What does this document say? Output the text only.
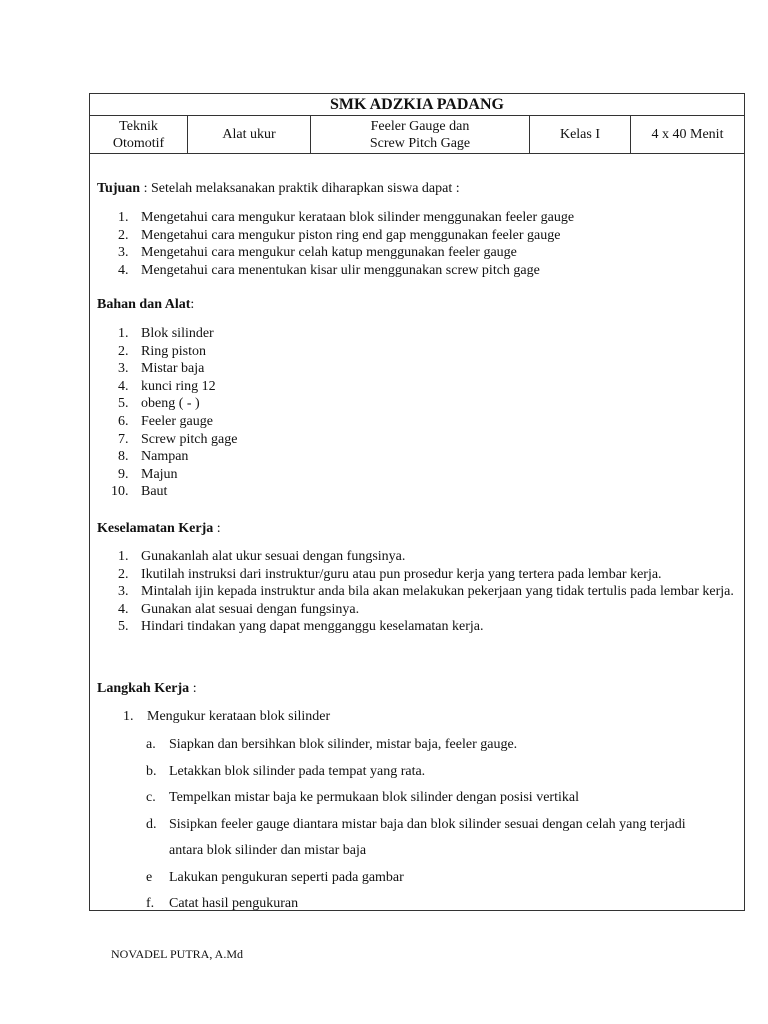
SMK ADZKIA PADANG
Teknik
Otomotif
Alat ukur
Feeler Gauge dan
Screw Pitch Gage
Kelas I	4 x 40 Menit
Tujuan : Setelah melaksanakan praktik diharapkan siswa dapat :
1. Mengetahui cara mengukur kerataan blok silinder menggunakan feeler gauge
2. Mengetahui cara mengukur piston ring end gap menggunakan feeler gauge
3. Mengetahui cara mengukur celah katup menggunakan feeler gauge
4. Mengetahui cara menentukan kisar ulir menggunakan screw pitch gage
Bahan dan Alat:
1. Blok silinder
2. Ring piston
3. Mistar baja
4. kunci ring 12
5. obeng ( - )
6. Feeler gauge
7. Screw pitch gage
8. Nampan
9. Majun
10. Baut
Keselamatan Kerja :
1. Gunakanlah alat ukur sesuai dengan fungsinya.
2. Ikutilah instruksi dari instruktur/guru atau pun prosedur kerja yang tertera pada lembar kerja.
3. Mintalah ijin kepada instruktur anda bila akan melakukan pekerjaan yang tidak tertulis pada lembar kerja.
4. Gunakan alat sesuai dengan fungsinya.
5. Hindari tindakan yang dapat mengganggu keselamatan kerja.
Langkah Kerja :
1. Mengukur kerataan blok silinder
a. Siapkan dan bersihkan blok silinder, mistar baja, feeler gauge.
b. Letakkan blok silinder pada tempat yang rata.
c. Tempelkan mistar baja ke permukaan blok silinder dengan posisi vertikal
d. Sisipkan feeler gauge diantara mistar baja dan blok silinder sesuai dengan celah yang terjadi
antara blok silinder dan mistar baja
e Lakukan pengukuran seperti pada gambar
f. Catat hasil pengukuran
NOVADEL PUTRA, A.Md
